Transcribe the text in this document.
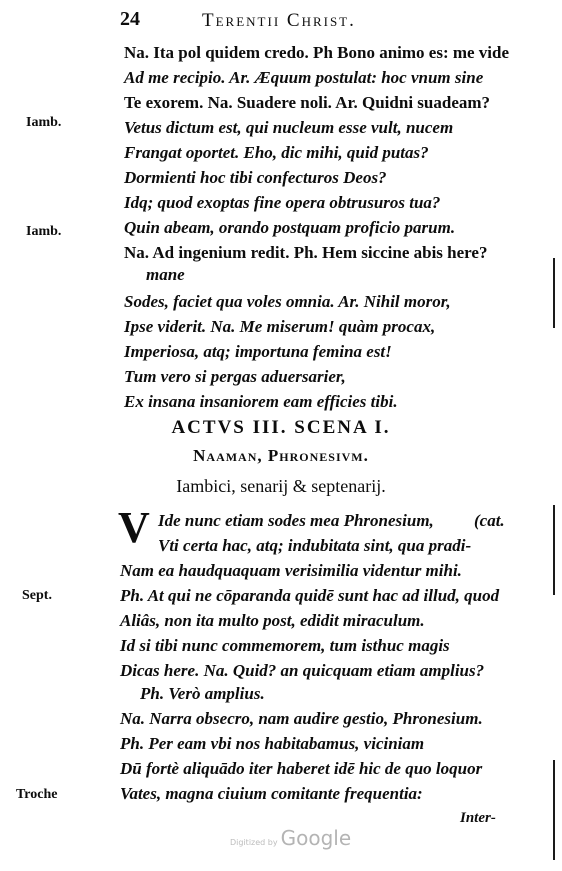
24	Terentii Christ.
Na. Ita pol quidem credo. Ph Bono animo es: me vide
Ad me recipio. Ar. Æquum postulat: hoc vnum sine
Te exorem. Na. Suadere noli. Ar. Quidni suadeam?
Vetus dictum est, qui nucleum esse vult, nucem
Frangat oportet. Eho, dic mihi, quid putas?
Dormienti hoc tibi confecturos Deos?
Idq; quod exoptas fine opera obtrusuros tua?
Quin abeam, orando postquam proficio parum.
Na. Ad ingenium redit. Ph. Hem siccine abis here?
mane
Sodes, faciet qua voles omnia. Ar. Nihil moror,
Ipse viderit. Na. Me miserum! quàm procax,
Imperiosa, atq; importuna femina est!
Tum vero si pergas aduersarier,
Ex insana insaniorem eam efficies tibi.
Iamb.
Iamb.
Sept.
Troche
ACTVS III. SCENA I.
Naaman, Phronesivm.
Iambici, senarij & septenarij.
V Ide nunc etiam sodes mea Phronesium, (cat.
Vti certa hac, atq; indubitata sint, qua pradi-
Nam ea haudquaquam verisimilia videntur mihi.
Ph. At qui ne cōparanda quidē sunt hac ad illud, quod
Aliâs, non ita multo post, edidit miraculum.
Id si tibi nunc commemorem, tum isthuc magis
Dicas here. Na. Quid? an quicquam etiam amplius?
Ph. Verò amplius.
Na. Narra obsecro, nam audire gestio, Phronesium.
Ph. Per eam vbi nos habitabamus, viciniam
Dū fortè aliquādo iter haberet idē hic de quo loquor
Vates, magna ciuium comitante frequentia:
Inter-
Digitized by Google
